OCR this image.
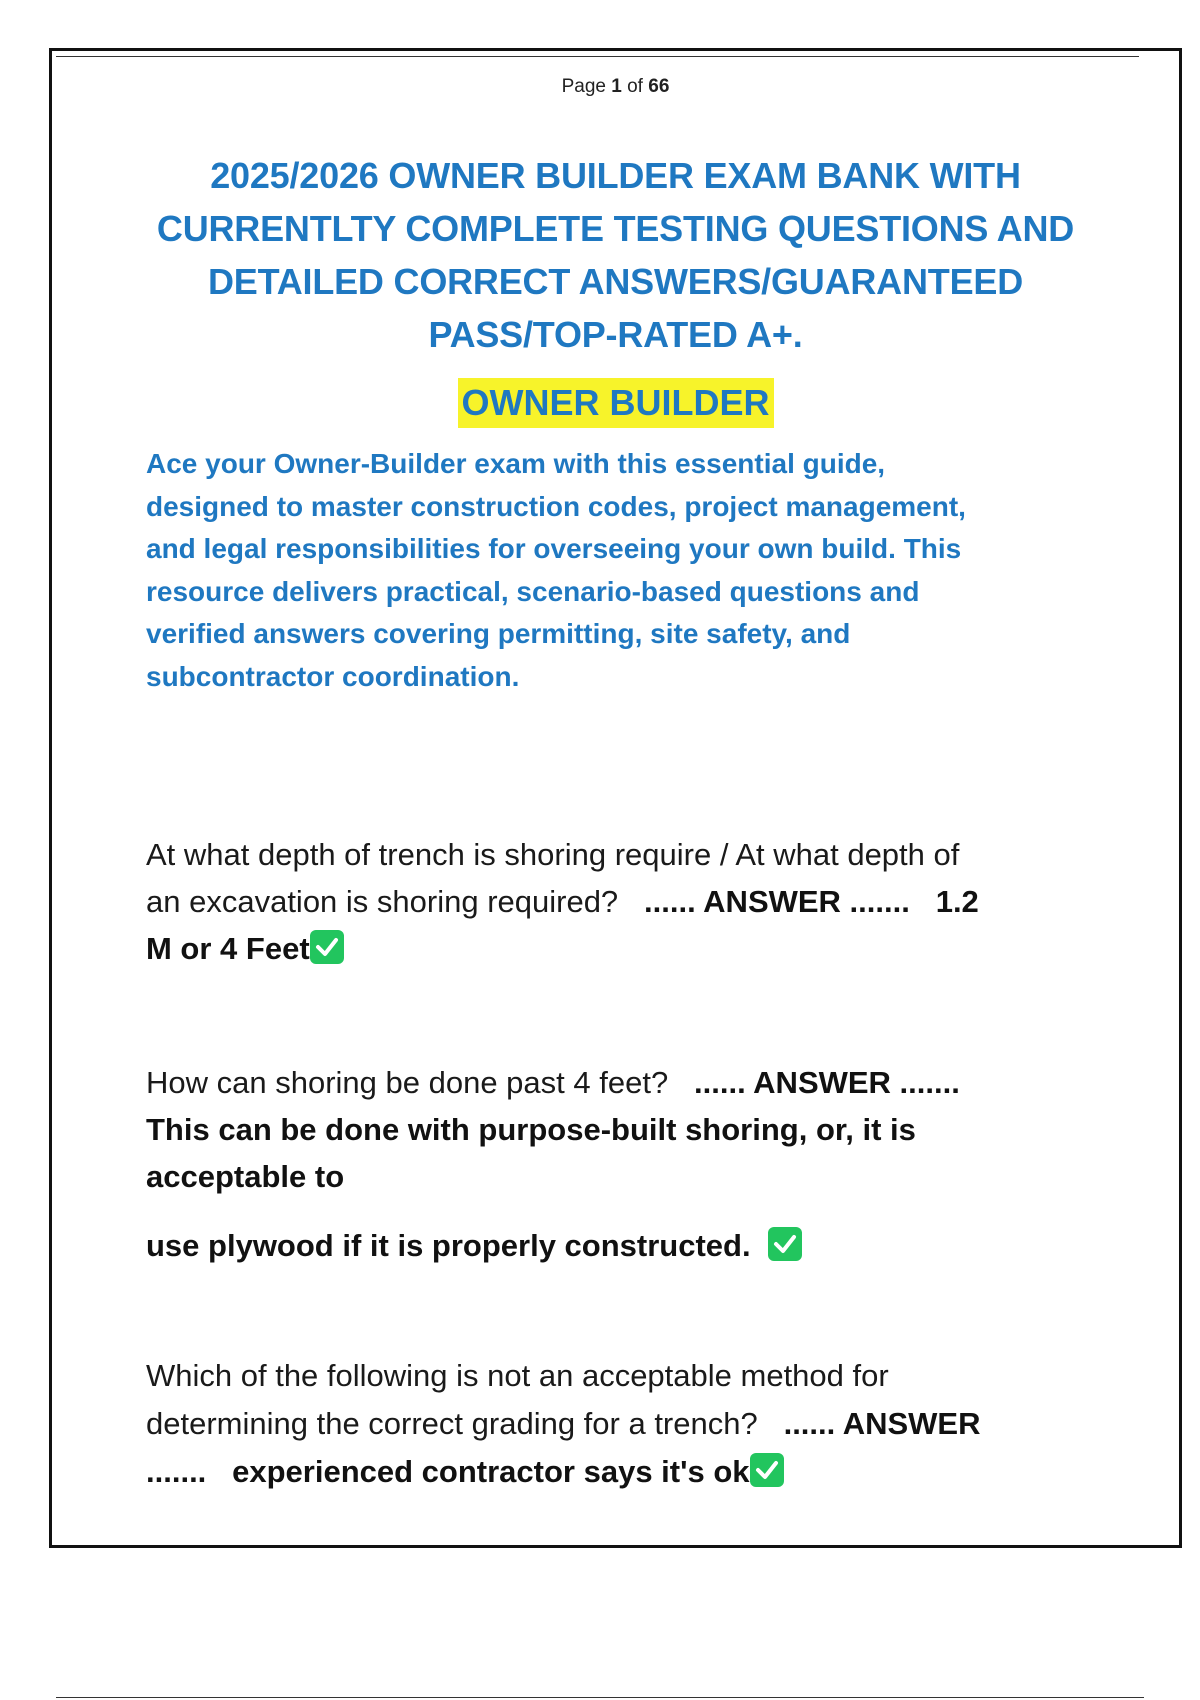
Page 1 of 66
2025/2026 OWNER BUILDER EXAM BANK WITH
CURRENTLTY COMPLETE TESTING QUESTIONS AND
DETAILED CORRECT ANSWERS/GUARANTEED
PASS/TOP-RATED A+.
OWNER BUILDER
Ace your Owner-Builder exam with this essential guide,
designed to master construction codes, project management,
and legal responsibilities for overseeing your own build. This
resource delivers practical, scenario-based questions and
verified answers covering permitting, site safety, and
subcontractor coordination.
At what depth of trench is shoring require / At what depth of
an excavation is shoring required? ...... ANSWER ....... 1.2
M or 4 Feet
How can shoring be done past 4 feet? ...... ANSWER .......
This can be done with purpose-built shoring, or, it is
acceptable to
use plywood if it is properly constructed.
Which of the following is not an acceptable method for
determining the correct grading for a trench? ...... ANSWER
....... experienced contractor says it's ok
